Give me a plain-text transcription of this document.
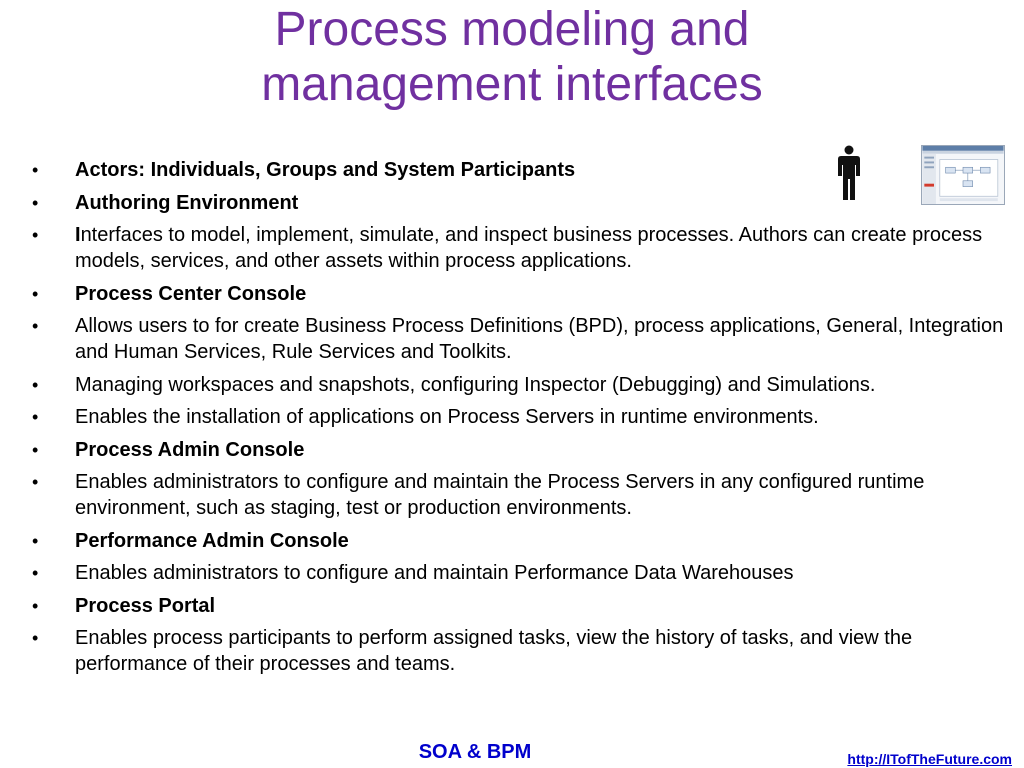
Process modeling and
management interfaces
• Actors: Individuals, Groups and System Participants
• Authoring Environment
• Interfaces to model, implement, simulate, and inspect business processes. Authors can create process models, services, and other assets within process applications.
• Process Center Console
• Allows users to for create Business Process Definitions (BPD), process applications, General, Integration and Human Services, Rule Services and Toolkits.
• Managing workspaces and snapshots, configuring Inspector (Debugging) and Simulations.
• Enables the installation of applications on Process Servers in runtime environments.
• Process Admin Console
• Enables administrators to configure and maintain the Process Servers in any configured runtime environment, such as staging, test or production environments.
• Performance Admin Console
• Enables administrators to configure and maintain Performance Data Warehouses
• Process Portal
• Enables process participants to perform assigned tasks, view the history of tasks, and view the performance of their processes and teams.
SOA & BPM	http://ITofTheFuture.com
